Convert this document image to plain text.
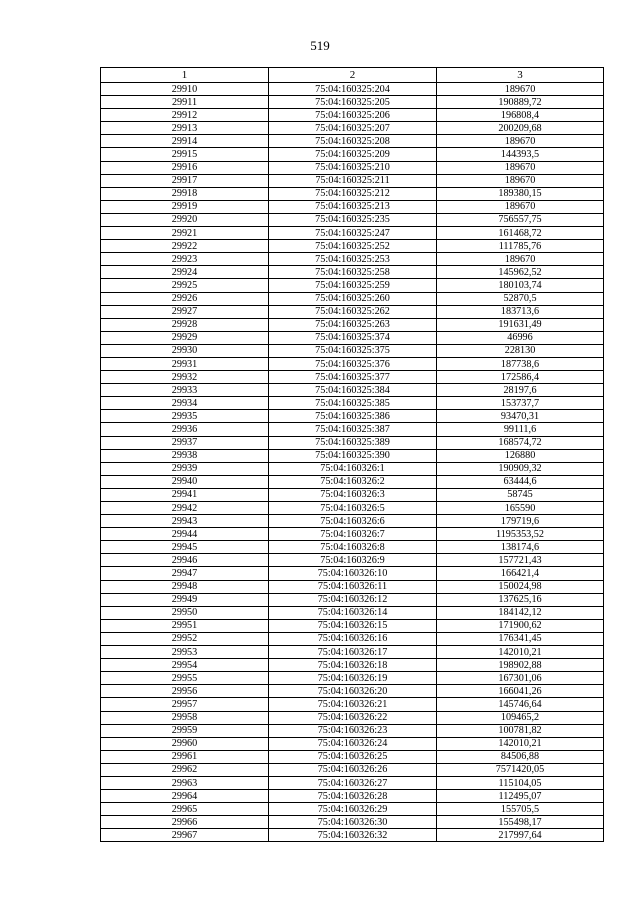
519
1	2	3
29910	75:04:160325:204	189670
29911	75:04:160325:205	190889,72
29912	75:04:160325:206	196808,4
29913	75:04:160325:207	200209,68
29914	75:04:160325:208	189670
29915	75:04:160325:209	144393,5
29916	75:04:160325:210	189670
29917	75:04:160325:211	189670
29918	75:04:160325:212	189380,15
29919	75:04:160325:213	189670
29920	75:04:160325:235	756557,75
29921	75:04:160325:247	161468,72
29922	75:04:160325:252	111785,76
29923	75:04:160325:253	189670
29924	75:04:160325:258	145962,52
29925	75:04:160325:259	180103,74
29926	75:04:160325:260	52870,5
29927	75:04:160325:262	183713,6
29928	75:04:160325:263	191631,49
29929	75:04:160325:374	46996
29930	75:04:160325:375	228130
29931	75:04:160325:376	187738,6
29932	75:04:160325:377	172586,4
29933	75:04:160325:384	28197,6
29934	75:04:160325:385	153737,7
29935	75:04:160325:386	93470,31
29936	75:04:160325:387	99111,6
29937	75:04:160325:389	168574,72
29938	75:04:160325:390	126880
29939	75:04:160326:1	190909,32
29940	75:04:160326:2	63444,6
29941	75:04:160326:3	58745
29942	75:04:160326:5	165590
29943	75:04:160326:6	179719,6
29944	75:04:160326:7	1195353,52
29945	75:04:160326:8	138174,6
29946	75:04:160326:9	157721,43
29947	75:04:160326:10	166421,4
29948	75:04:160326:11	150024,98
29949	75:04:160326:12	137625,16
29950	75:04:160326:14	184142,12
29951	75:04:160326:15	171900,62
29952	75:04:160326:16	176341,45
29953	75:04:160326:17	142010,21
29954	75:04:160326:18	198902,88
29955	75:04:160326:19	167301,06
29956	75:04:160326:20	166041,26
29957	75:04:160326:21	145746,64
29958	75:04:160326:22	109465,2
29959	75:04:160326:23	100781,82
29960	75:04:160326:24	142010,21
29961	75:04:160326:25	84506,88
29962	75:04:160326:26	7571420,05
29963	75:04:160326:27	115104,05
29964	75:04:160326:28	112495,07
29965	75:04:160326:29	155705,5
29966	75:04:160326:30	155498,17
29967	75:04:160326:32	217997,64
